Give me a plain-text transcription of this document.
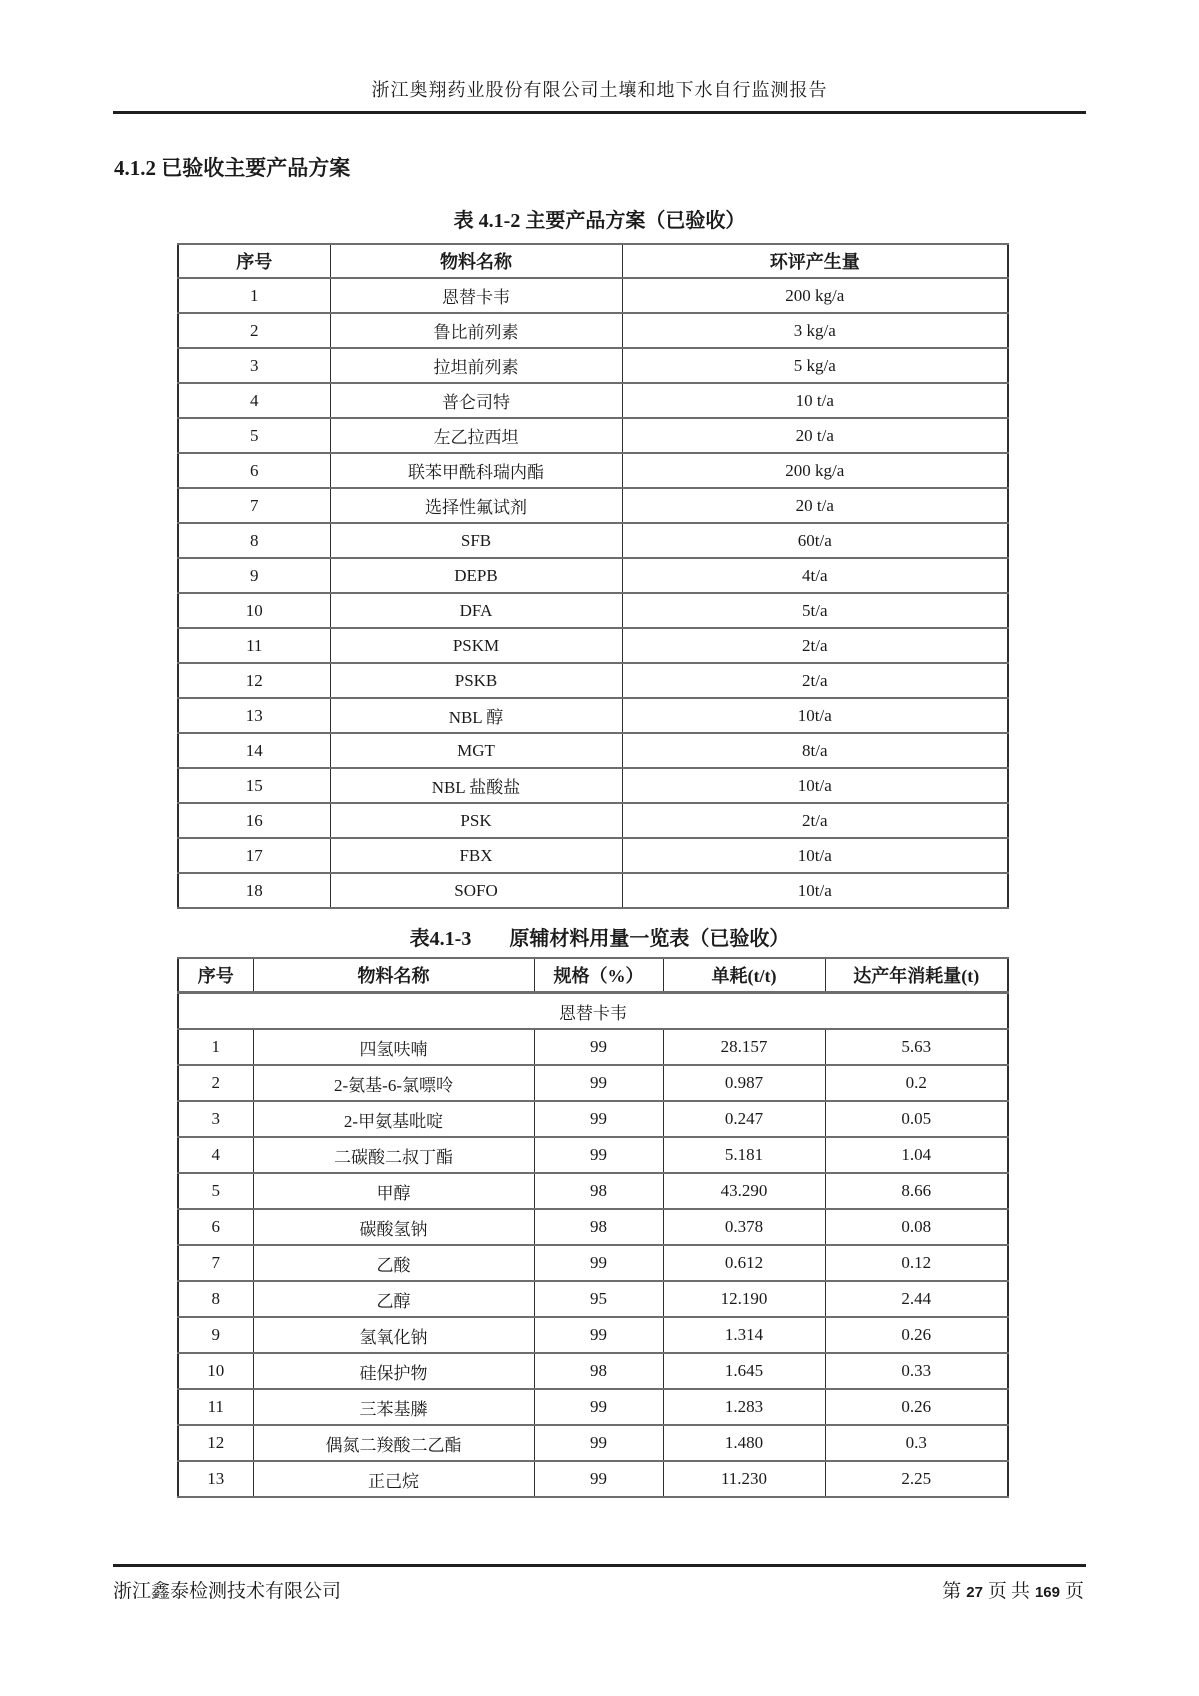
浙江奥翔药业股份有限公司土壤和地下水自行监测报告
4.1.2 已验收主要产品方案
表 4.1-2 主要产品方案（已验收）
序号	物料名称	环评产生量
1	恩替卡韦	200 kg/a
2	鲁比前列素	3 kg/a
3	拉坦前列素	5 kg/a
4	普仑司特	10 t/a
5	左乙拉西坦	20 t/a
6	联苯甲酰科瑞内酯	200 kg/a
7	选择性氟试剂	20 t/a
8	SFB	60t/a
9	DEPB	4t/a
10	DFA	5t/a
11	PSKM	2t/a
12	PSKB	2t/a
13	NBL 醇	10t/a
14	MGT	8t/a
15	NBL 盐酸盐	10t/a
16	PSK	2t/a
17	FBX	10t/a
18	SOFO	10t/a
表4.1-3 原辅材料用量一览表（已验收）
序号	物料名称	规格（%）	单耗(t/t)	达产年消耗量(t)
恩替卡韦				
1	四氢呋喃	99	28.157	5.63
2	2-氨基-6-氯嘌呤	99	0.987	0.2
3	2-甲氨基吡啶	99	0.247	0.05
4	二碳酸二叔丁酯	99	5.181	1.04
5	甲醇	98	43.290	8.66
6	碳酸氢钠	98	0.378	0.08
7	乙酸	99	0.612	0.12
8	乙醇	95	12.190	2.44
9	氢氧化钠	99	1.314	0.26
10	硅保护物	98	1.645	0.33
11	三苯基膦	99	1.283	0.26
12	偶氮二羧酸二乙酯	99	1.480	0.3
13	正己烷	99	11.230	2.25
浙江鑫泰检测技术有限公司	第 27 页 共 169 页
